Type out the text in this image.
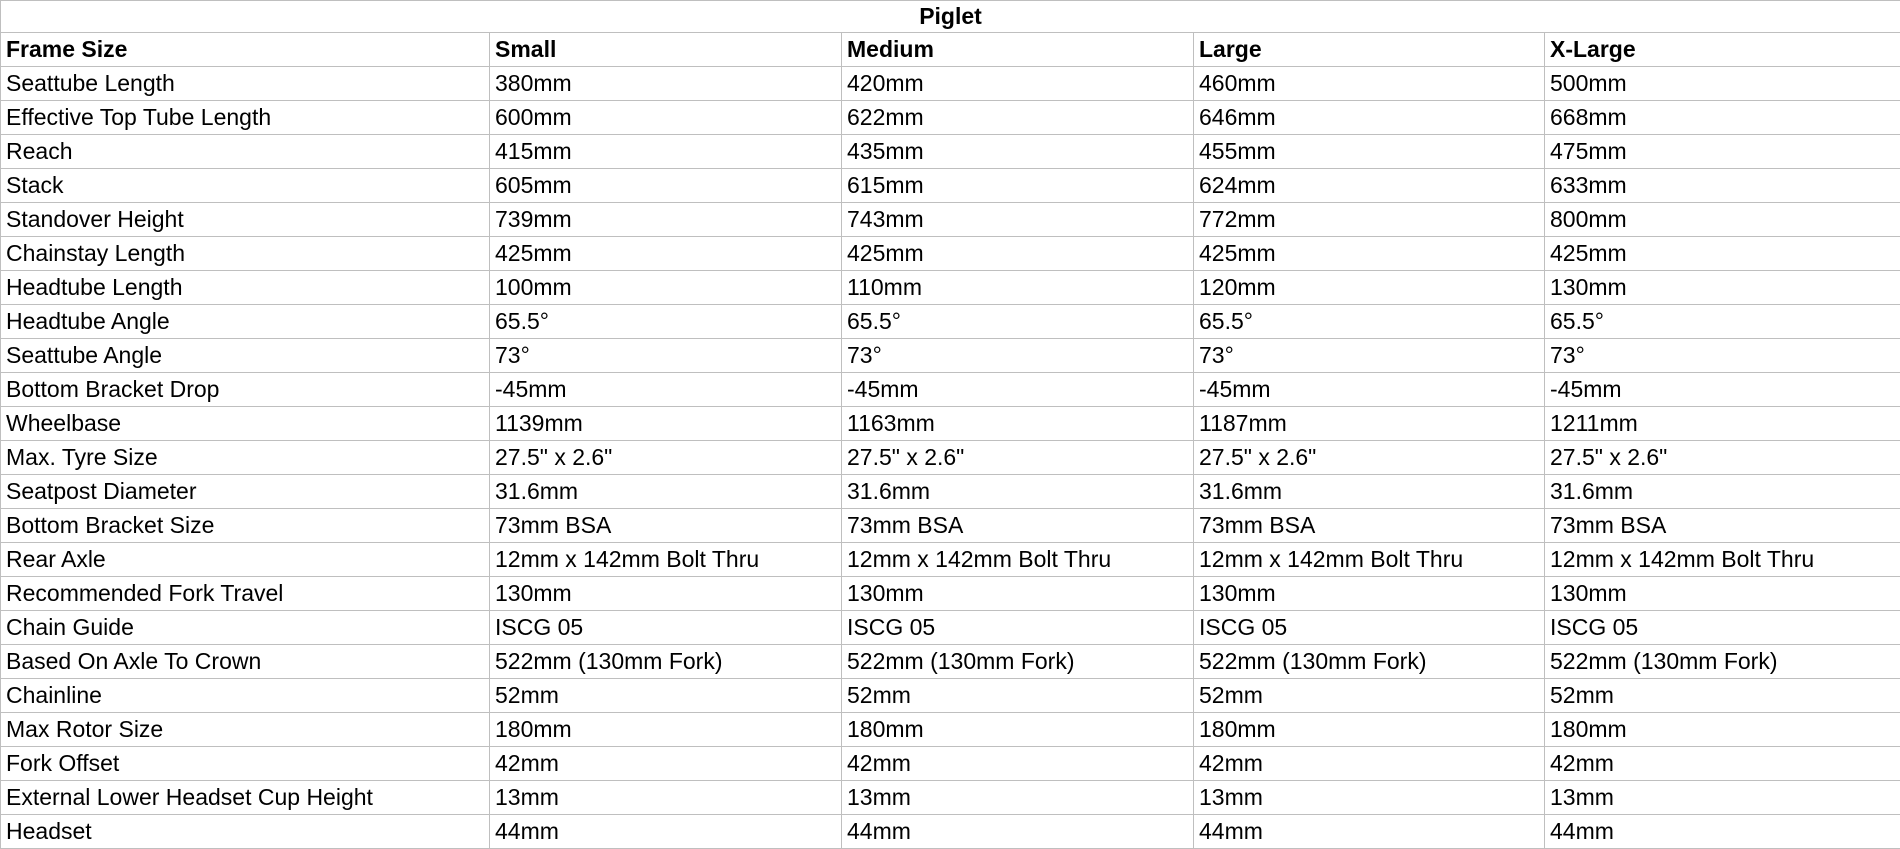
Piglet				
Frame Size	Small	Medium	Large	X-Large
Seattube Length	380mm	420mm	460mm	500mm
Effective Top Tube Length	600mm	622mm	646mm	668mm
Reach	415mm	435mm	455mm	475mm
Stack	605mm	615mm	624mm	633mm
Standover Height	739mm	743mm	772mm	800mm
Chainstay Length	425mm	425mm	425mm	425mm
Headtube Length	100mm	110mm	120mm	130mm
Headtube Angle	65.5°	65.5°	65.5°	65.5°
Seattube Angle	73°	73°	73°	73°
Bottom Bracket Drop	-45mm	-45mm	-45mm	-45mm
Wheelbase	1139mm	1163mm	1187mm	1211mm
Max. Tyre Size	27.5" x 2.6"	27.5" x 2.6"	27.5" x 2.6"	27.5" x 2.6"
Seatpost Diameter	31.6mm	31.6mm	31.6mm	31.6mm
Bottom Bracket Size	73mm BSA	73mm BSA	73mm BSA	73mm BSA
Rear Axle	12mm x 142mm Bolt Thru	12mm x 142mm Bolt Thru	12mm x 142mm Bolt Thru	12mm x 142mm Bolt Thru
Recommended Fork Travel	130mm	130mm	130mm	130mm
Chain Guide	ISCG 05	ISCG 05	ISCG 05	ISCG 05
Based On Axle To Crown	522mm (130mm Fork)	522mm (130mm Fork)	522mm (130mm Fork)	522mm (130mm Fork)
Chainline	52mm	52mm	52mm	52mm
Max Rotor Size	180mm	180mm	180mm	180mm
Fork Offset	42mm	42mm	42mm	42mm
External Lower Headset Cup Height	13mm	13mm	13mm	13mm
Headset	44mm	44mm	44mm	44mm
